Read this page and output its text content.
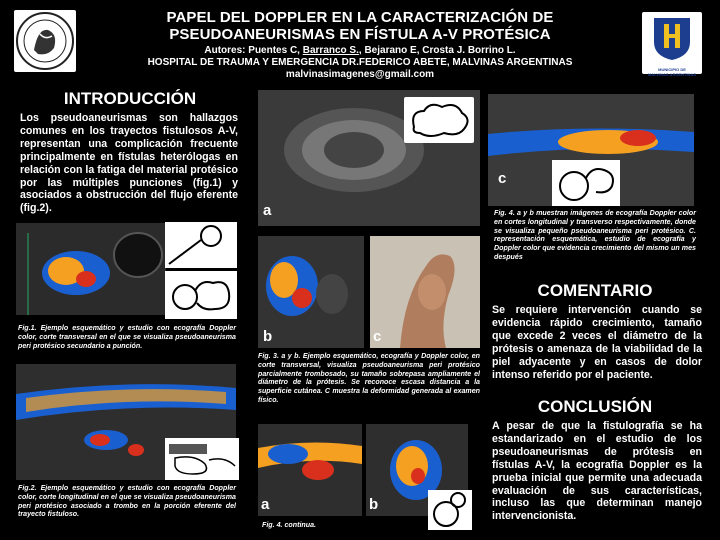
PAPEL DEL DOPPLER EN LA CARACTERIZACIÓN DE
PSEUDOANEURISMAS EN FÍSTULA A-V PROTÉSICA
Autores: Puentes C, Barranco S., Bejarano E, Crosta J. Borrino L.
HOSPITAL DE TRAUMA Y EMERGENCIA DR.FEDERICO ABETE, MALVINAS ARGENTINAS
malvinasimagenes@gmail.com	MUNICIPIO DE MALVINAS ARGENTINAS
INTRODUCCIÓN
Los pseudoaneurismas son hallazgos comunes en los trayectos fistulosos A-V, representan una complicación frecuente principalmente en fístulas heterólogas en relación con la fatiga del material protésico por las múltiples punciones (fig.1) y asociados a obstrucción del flujo eferente (fig.2).
Fig.1. Ejemplo esquemático y estudio con ecografía Doppler color, corte transversal en el que se visualiza pseudoaneurisma peri protésico secundario a punción.
Fig.2. Ejemplo esquemático y estudio con ecografía Doppler color, corte longitudinal en el que se visualiza pseudoaneurisma peri protésico asociado a trombo en la porción eferente del trayecto fistuloso.
a
b	c
Fig. 3. a y b. Ejemplo esquemático, ecografía y Doppler color, en corte transversal, visualiza pseudoaneurisma peri protésico parcialmente trombosado, su tamaño sobrepasa ampliamente el diámetro de la prótesis. Se reconoce escasa distancia a la superficie cutánea. C muestra la deformidad generada al examen físico.
a	b
Fig. 4. continua.
c
Fig. 4. a y b muestran imágenes de ecografía Doppler color en cortes longitudinal y transverso respectivamente, donde se visualiza pequeño pseudoaneurisma peri protésico. C. representación esquemática, estudio de ecografía y Doppler color que evidencia crecimiento del mismo un mes después
COMENTARIO
Se requiere intervención cuando se evidencia rápido crecimiento, tamaño que excede 2 veces el diámetro de la prótesis o amenaza de la viabilidad de la piel adyacente y en casos de dolor intenso referido por el paciente.
CONCLUSIÓN
A pesar de que la fistulografía se ha estandarizado en el estudio de los pseudoaneurismas de prótesis en fístulas A-V, la ecografía Doppler es la prueba inicial que permite una adecuada evaluación de sus características, incluso las que determinan manejo intervencionista.
